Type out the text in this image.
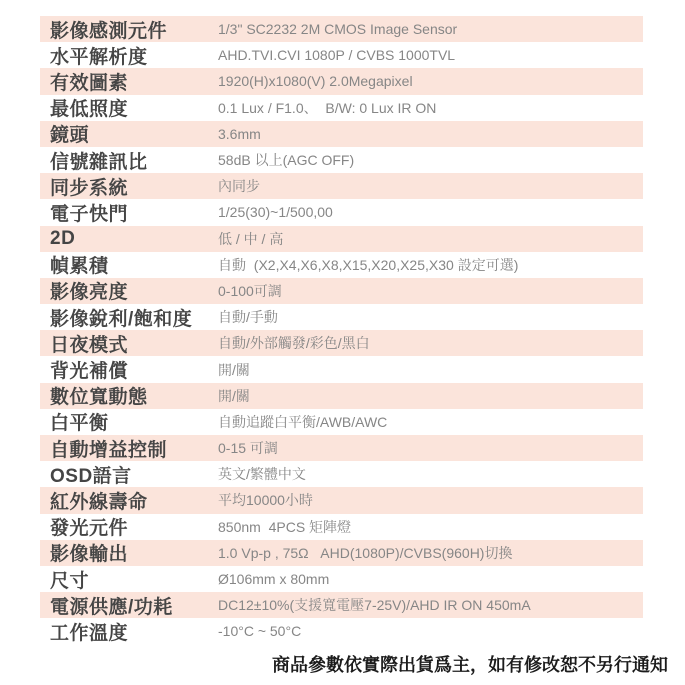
影像感測元件	1/3" SC2232 2M CMOS Image Sensor
水平解析度	AHD.TVI.CVI 1080P / CVBS 1000TVL
有效圖素	1920(H)x1080(V) 2.0Megapixel
最低照度	0.1 Lux / F1.0、  B/W: 0 Lux IR ON
鏡頭	3.6mm
信號雜訊比	58dB 以上(AGC OFF)
同步系統	內同步
電子快門	1/25(30)~1/500,00
2D	低 / 中 / 高
幀累積	自動  (X2,X4,X6,X8,X15,X20,X25,X30 設定可選)
影像亮度	0-100可調
影像銳利/飽和度	自動/手動
日夜模式	自動/外部觸發/彩色/黑白
背光補償	開/關
數位寬動態	開/關
白平衡	自動追蹤白平衡/AWB/AWC
自動增益控制	0-15 可調
OSD語言	英文/繁體中文
紅外線壽命	平均10000小時
發光元件	850nm  4PCS 矩陣燈
影像輸出	1.0 Vp-p , 75Ω   AHD(1080P)/CVBS(960H)切換
尺寸	Ø106mm x 80mm
電源供應/功耗	DC12±10%(支援寬電壓7-25V)/AHD IR ON 450mA
工作溫度	-10°C ~ 50°C
商品參數依實際出貨爲主，如有修改恕不另行通知
